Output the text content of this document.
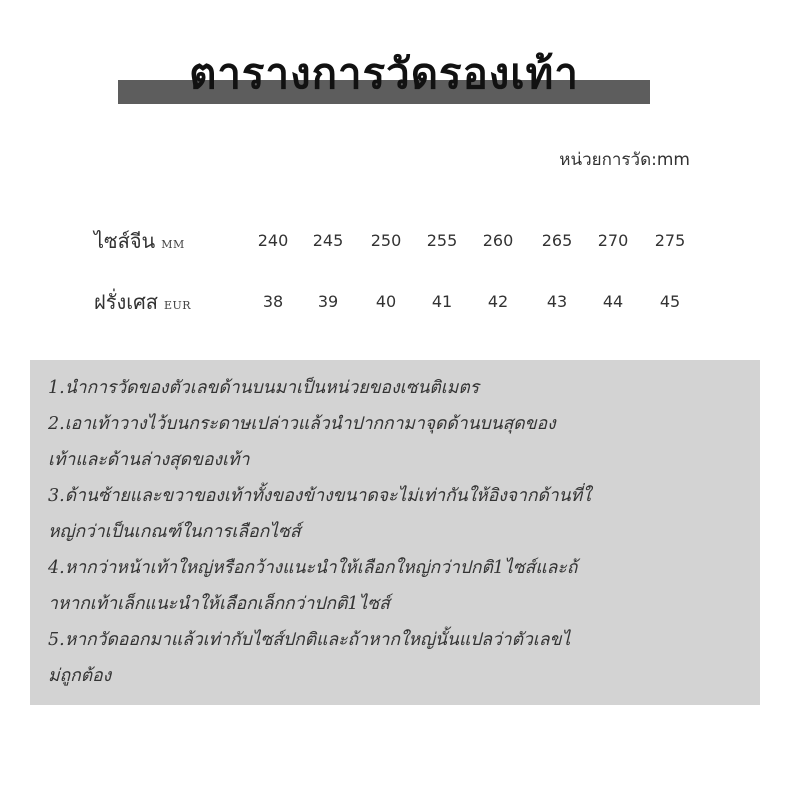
ตารางการวัดรองเท้า
หน่วยการวัด:mm
ไซส์จีน MM	240	245	250	255	260	265	270	275
ฝรั่งเศส EUR	38	39	40	41	42	43	44	45
1.นำการวัดของตัวเลขด้านบนมาเป็นหน่วยของเซนติเมตร
2.เอาเท้าวางไว้บนกระดาษเปล่าวแล้วนำปากกามาจุดด้านบนสุดของ
เท้าและด้านล่างสุดของเท้า
3.ด้านซ้ายและขวาของเท้าทั้งของข้างขนาดจะไม่เท่ากันให้อิงจากด้านที่ใ
หญ่กว่าเป็นเกณฑ์ในการเลือกไซส์
4.หากว่าหน้าเท้าใหญ่หรือกว้างแนะนำให้เลือกใหญ่กว่าปกติ1ไซส์และถ้
าหากเท้าเล็กแนะนำให้เลือกเล็กกว่าปกติ1ไซส์
5.หากวัดออกมาแล้วเท่ากับไซส์ปกติและถ้าหากใหญ่นั้นแปลว่าตัวเลขไ
ม่ถูกต้อง
